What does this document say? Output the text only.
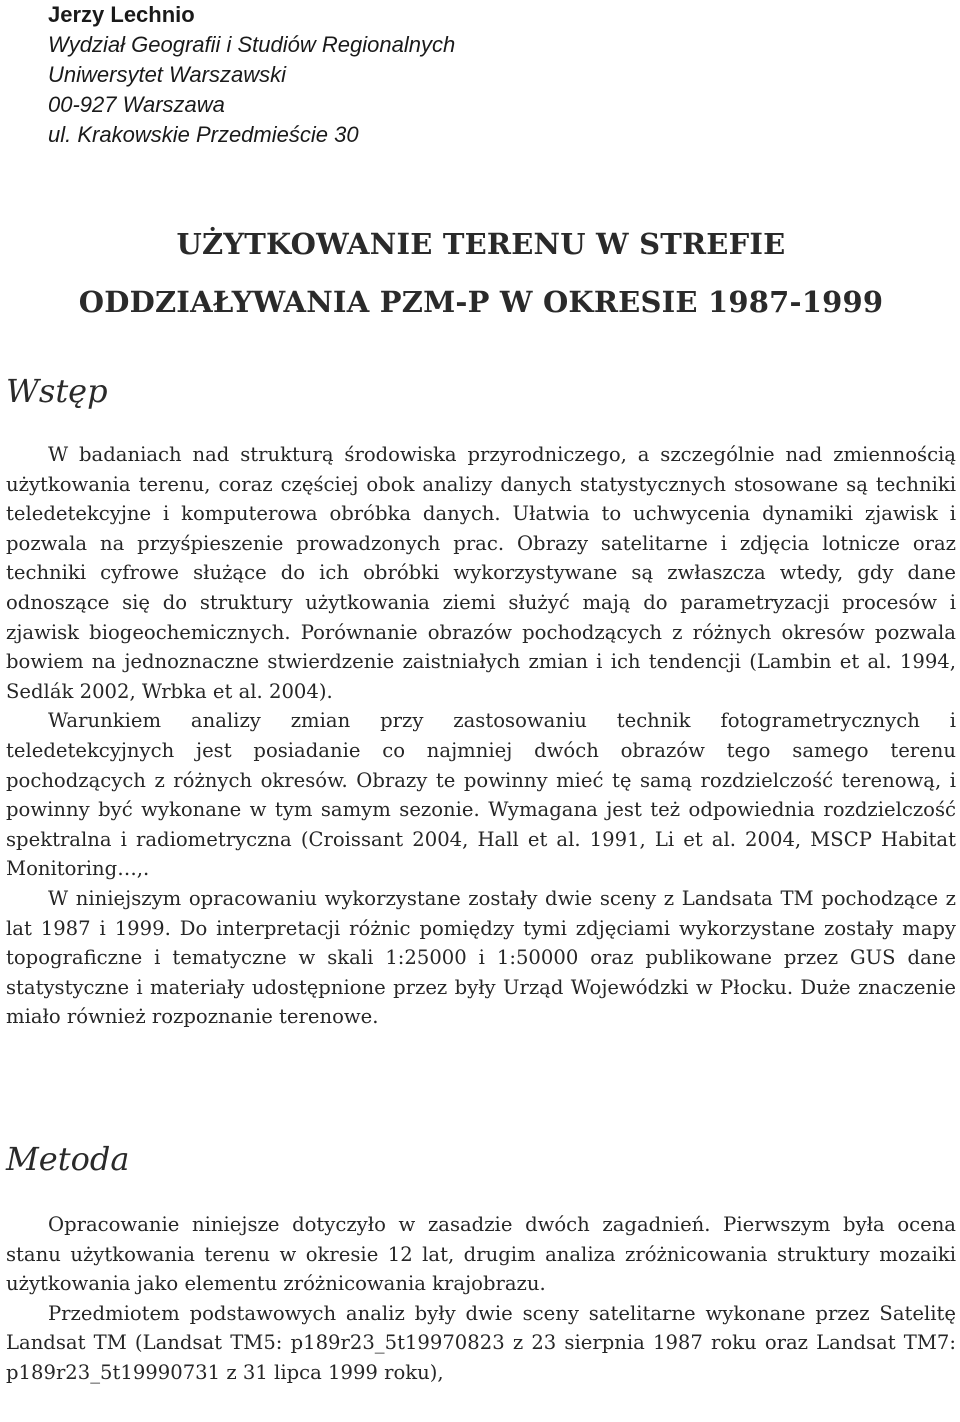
Jerzy Lechnio
Wydział Geografii i Studiów Regionalnych
Uniwersytet Warszawski
00-927 Warszawa
ul. Krakowskie Przedmieście 30
UŻYTKOWANIE TERENU W STREFIE
ODDZIAŁYWANIA PZM-P W OKRESIE 1987-1999
Wstęp

W badaniach nad strukturą środowiska przyrodniczego, a szczególnie nad zmiennością użytkowania terenu, coraz częściej obok analizy danych statystycznych stosowane są techniki teledetekcyjne i komputerowa obróbka danych. Ułatwia to uchwycenia dynamiki zjawisk i pozwala na przyśpieszenie prowadzonych prac. Obrazy satelitarne i zdjęcia lotnicze oraz techniki cyfrowe służące do ich obróbki wykorzystywane są zwłaszcza wtedy, gdy dane odnoszące się do struktury użytkowania ziemi służyć mają do parametryzacji procesów i zjawisk biogeochemicznych. Porównanie obrazów pochodzących z różnych okresów pozwala bowiem na jednoznaczne stwierdzenie zaistniałych zmian i ich tendencji (Lambin et al. 1994, Sedlák 2002, Wrbka et al. 2004).

Warunkiem analizy zmian przy zastosowaniu technik fotogrametrycznych i teledetekcyjnych jest posiadanie co najmniej dwóch obrazów tego samego terenu pochodzących z różnych okresów. Obrazy te powinny mieć tę samą rozdzielczość terenową, i powinny być wykonane w tym samym sezonie. Wymagana jest też odpowiednia rozdzielczość spektralna i radiometryczna (Croissant 2004, Hall et al. 1991, Li et al. 2004, MSCP Habitat Monitoring…,.

W niniejszym opracowaniu wykorzystane zostały dwie sceny z Landsata TM pochodzące z lat 1987 i 1999. Do interpretacji różnic pomiędzy tymi zdjęciami wykorzystane zostały mapy topograficzne i tematyczne w skali 1:25000 i 1:50000 oraz publikowane przez GUS dane statystyczne i materiały udostępnione przez były Urząd Wojewódzki w Płocku. Duże znaczenie miało również rozpoznanie terenowe.

Metoda

Opracowanie niniejsze dotyczyło w zasadzie dwóch zagadnień. Pierwszym była ocena stanu użytkowania terenu w okresie 12 lat, drugim analiza zróżnicowania struktury mozaiki użytkowania jako elementu zróżnicowania krajobrazu.

Przedmiotem podstawowych analiz były dwie sceny satelitarne wykonane przez Satelitę Landsat TM (Landsat TM5: p189r23_5t19970823 z 23 sierpnia 1987 roku oraz Landsat TM7: p189r23_5t19990731 z 31 lipca 1999 roku),
